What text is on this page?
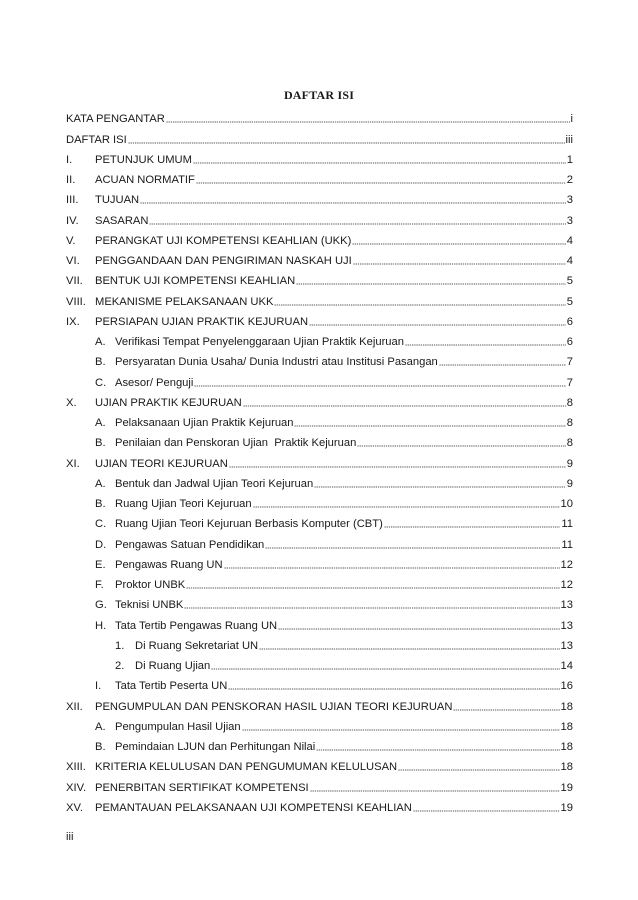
DAFTAR ISI
KATA PENGANTAR	i
DAFTAR ISI	iii
I.	PETUNJUK UMUM	1
II.	ACUAN NORMATIF	2
III.	TUJUAN	3
IV.	SASARAN	3
V.	PERANGKAT UJI KOMPETENSI KEAHLIAN (UKK)	4
VI.	PENGGANDAAN DAN PENGIRIMAN NASKAH UJI	4
VII.	BENTUK UJI KOMPETENSI KEAHLIAN	5
VIII. MEKANISME PELAKSANAAN UKK	5
IX.	PERSIAPAN UJIAN PRAKTIK KEJURUAN	6
A. Verifikasi Tempat Penyelenggaraan Ujian Praktik Kejuruan	6
B. Persyaratan Dunia Usaha/ Dunia Industri atau Institusi Pasangan	7
C. Asesor/ Penguji	7
X.	UJIAN PRAKTIK KEJURUAN	8
A. Pelaksanaan Ujian Praktik Kejuruan	8
B. Penilaian dan Penskoran Ujian  Praktik Kejuruan	8
XI.	UJIAN TEORI KEJURUAN	9
A. Bentuk dan Jadwal Ujian Teori Kejuruan	9
B. Ruang Ujian Teori Kejuruan	10
C. Ruang Ujian Teori Kejuruan Berbasis Komputer (CBT)	11
D. Pengawas Satuan Pendidikan	11
E. Pengawas Ruang UN	12
F.	Proktor UNBK	12
G. Teknisi UNBK	13
H. Tata Tertib Pengawas Ruang UN	13
1. Di Ruang Sekretariat UN	13
2. Di Ruang Ujian	14
I.	Tata Tertib Peserta UN	16
XII.	PENGUMPULAN DAN PENSKORAN HASIL UJIAN TEORI KEJURUAN	18
A. Pengumpulan Hasil Ujian	18
B. Pemindaian LJUN dan Perhitungan Nilai	18
XIII. KRITERIA KELULUSAN DAN PENGUMUMAN KELULUSAN	18
XIV. PENERBITAN SERTIFIKAT KOMPETENSI	19
XV.	PEMANTAUAN PELAKSANAAN UJI KOMPETENSI KEAHLIAN	19
iii
